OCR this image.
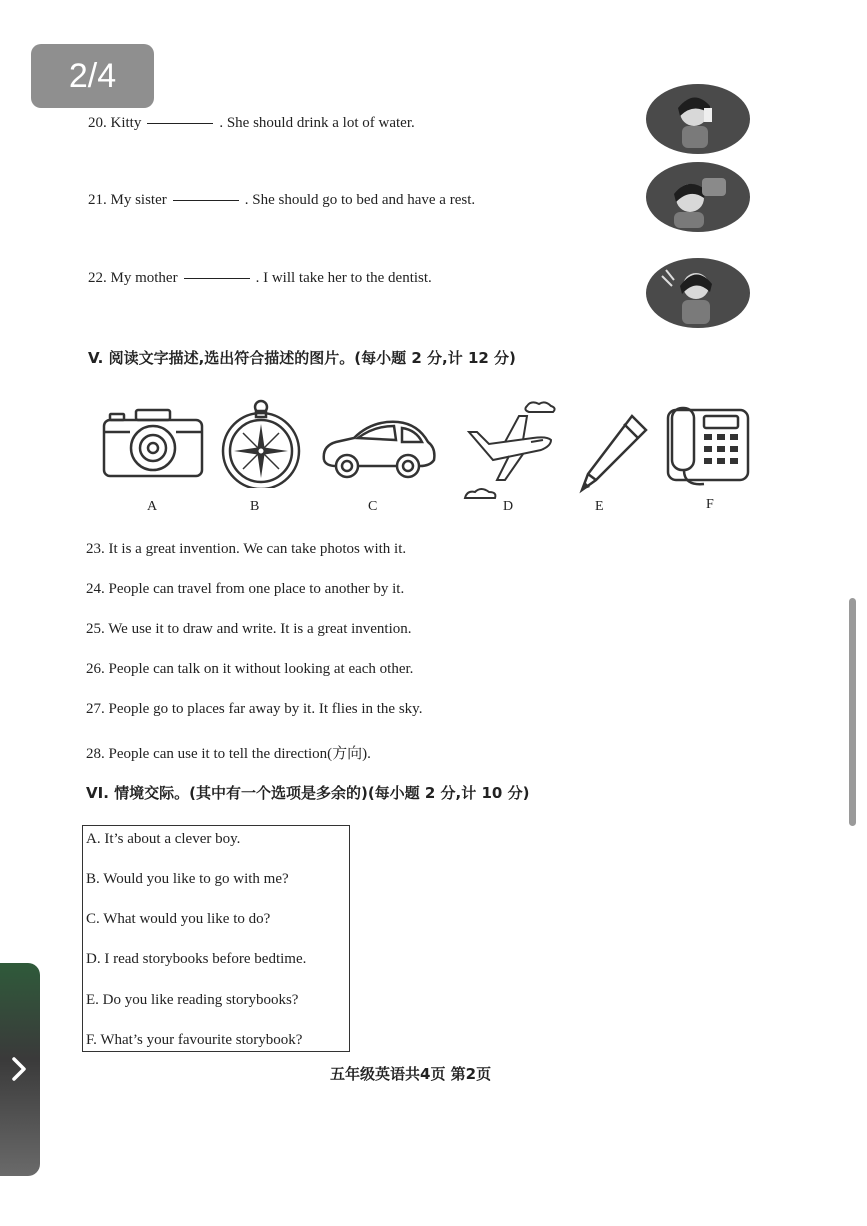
2/4
20. Kitty	. She should drink a lot of water.
21. My sister	. She should go to bed and have a rest.
22. My mother	. I will take her to the dentist.
V. 阅读文字描述,选出符合描述的图片。(每小题 2 分,计 12 分)
A	B	C	D	E	F
23. It is a great invention. We can take photos with it.
24. People can travel from one place to another by it.
25. We use it to draw and write. It is a great invention.
26. People can talk on it without looking at each other.
27. People go to places far away by it. It flies in the sky.
28. People can use it to tell the direction(方向).
VI. 情境交际。(其中有一个选项是多余的)(每小题 2 分,计 10 分)
A. It’s about a clever boy.
B. Would you like to go with me?
C. What would you like to do?
D. I read storybooks before bedtime.
E. Do you like reading storybooks?
F. What’s your favourite storybook?
五年级英语共4页 第2页
